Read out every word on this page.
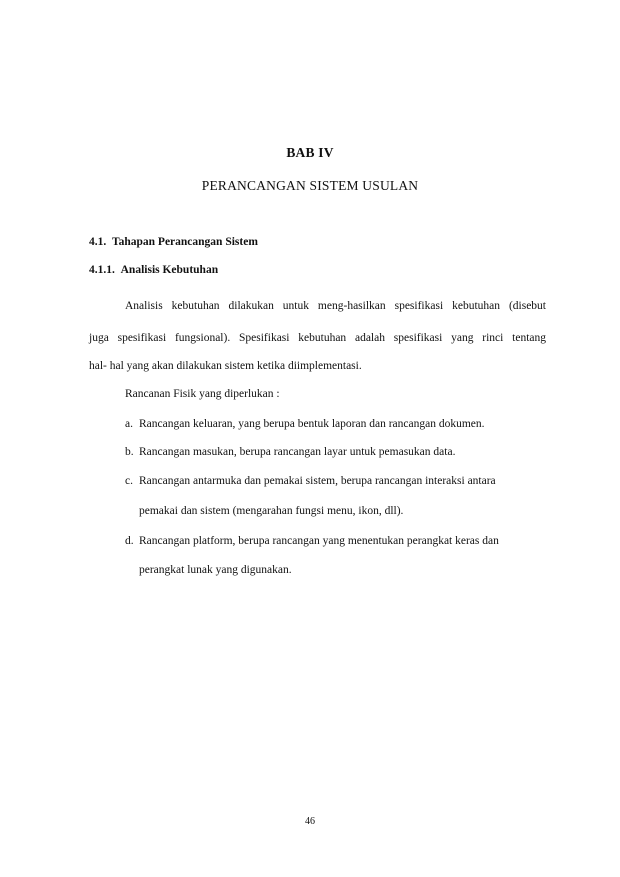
BAB IV
PERANCANGAN SISTEM USULAN
4.1. Tahapan Perancangan Sistem
4.1.1. Analisis Kebutuhan
Analisis kebutuhan dilakukan untuk meng-hasilkan spesifikasi kebutuhan (disebut
juga spesifikasi fungsional). Spesifikasi kebutuhan adalah spesifikasi yang rinci tentang
hal- hal yang akan dilakukan sistem ketika diimplementasi.
Rancanan Fisik yang diperlukan :
a. Rancangan keluaran, yang berupa bentuk laporan dan rancangan dokumen.
b. Rancangan masukan, berupa rancangan layar untuk pemasukan data.
c. Rancangan antarmuka dan pemakai sistem, berupa rancangan interaksi antara
pemakai dan sistem (mengarahan fungsi menu, ikon, dll).
d. Rancangan platform, berupa rancangan yang menentukan perangkat keras dan
perangkat lunak yang digunakan.
46
